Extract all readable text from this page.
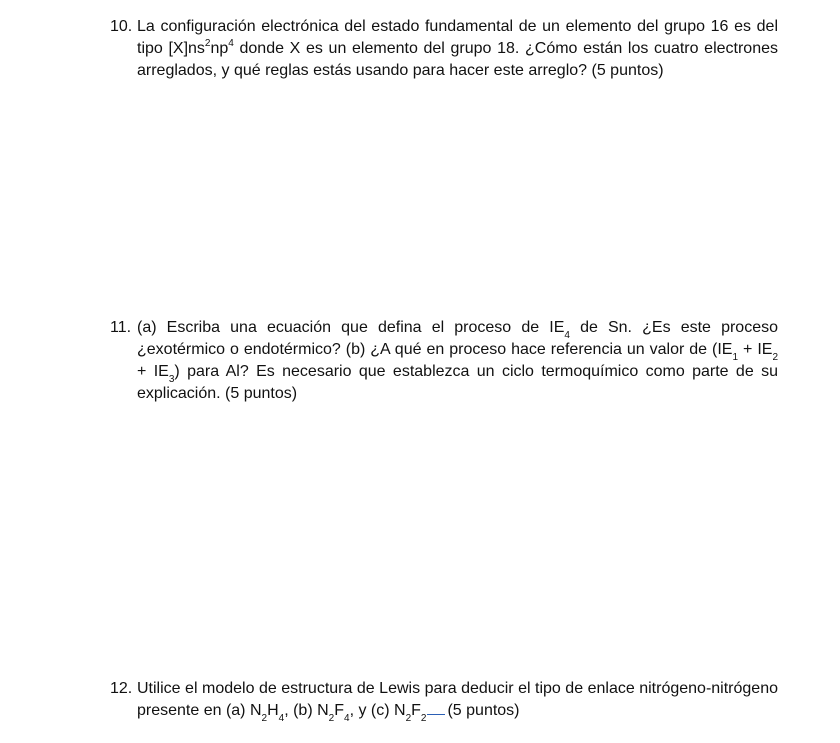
10. La configuración electrónica del estado fundamental de un elemento del grupo 16 es del tipo $[X]ns^2np^4$ donde X es un elemento del grupo 18. ¿Cómo están los cuatro electrones arreglados, y qué reglas estás usando para hacer este arreglo? (5 puntos)
11. (a) Escriba una ecuación que defina el proceso de $IE_4$ de Sn. ¿Es este proceso ¿exotérmico o endotérmico? (b) ¿A qué en proceso hace referencia un valor de $(IE_1 + IE_2 + IE_3)$ para Al? Es necesario que establezca un ciclo termoquímico como parte de su explicación. (5 puntos)
12. Utilice el modelo de estructura de Lewis para deducir el tipo de enlace nitrógeno-nitrógeno presente en (a) $N_2H_4$, (b) $N_2F_4$, y (c) $N_2F_2$ (5 puntos)
